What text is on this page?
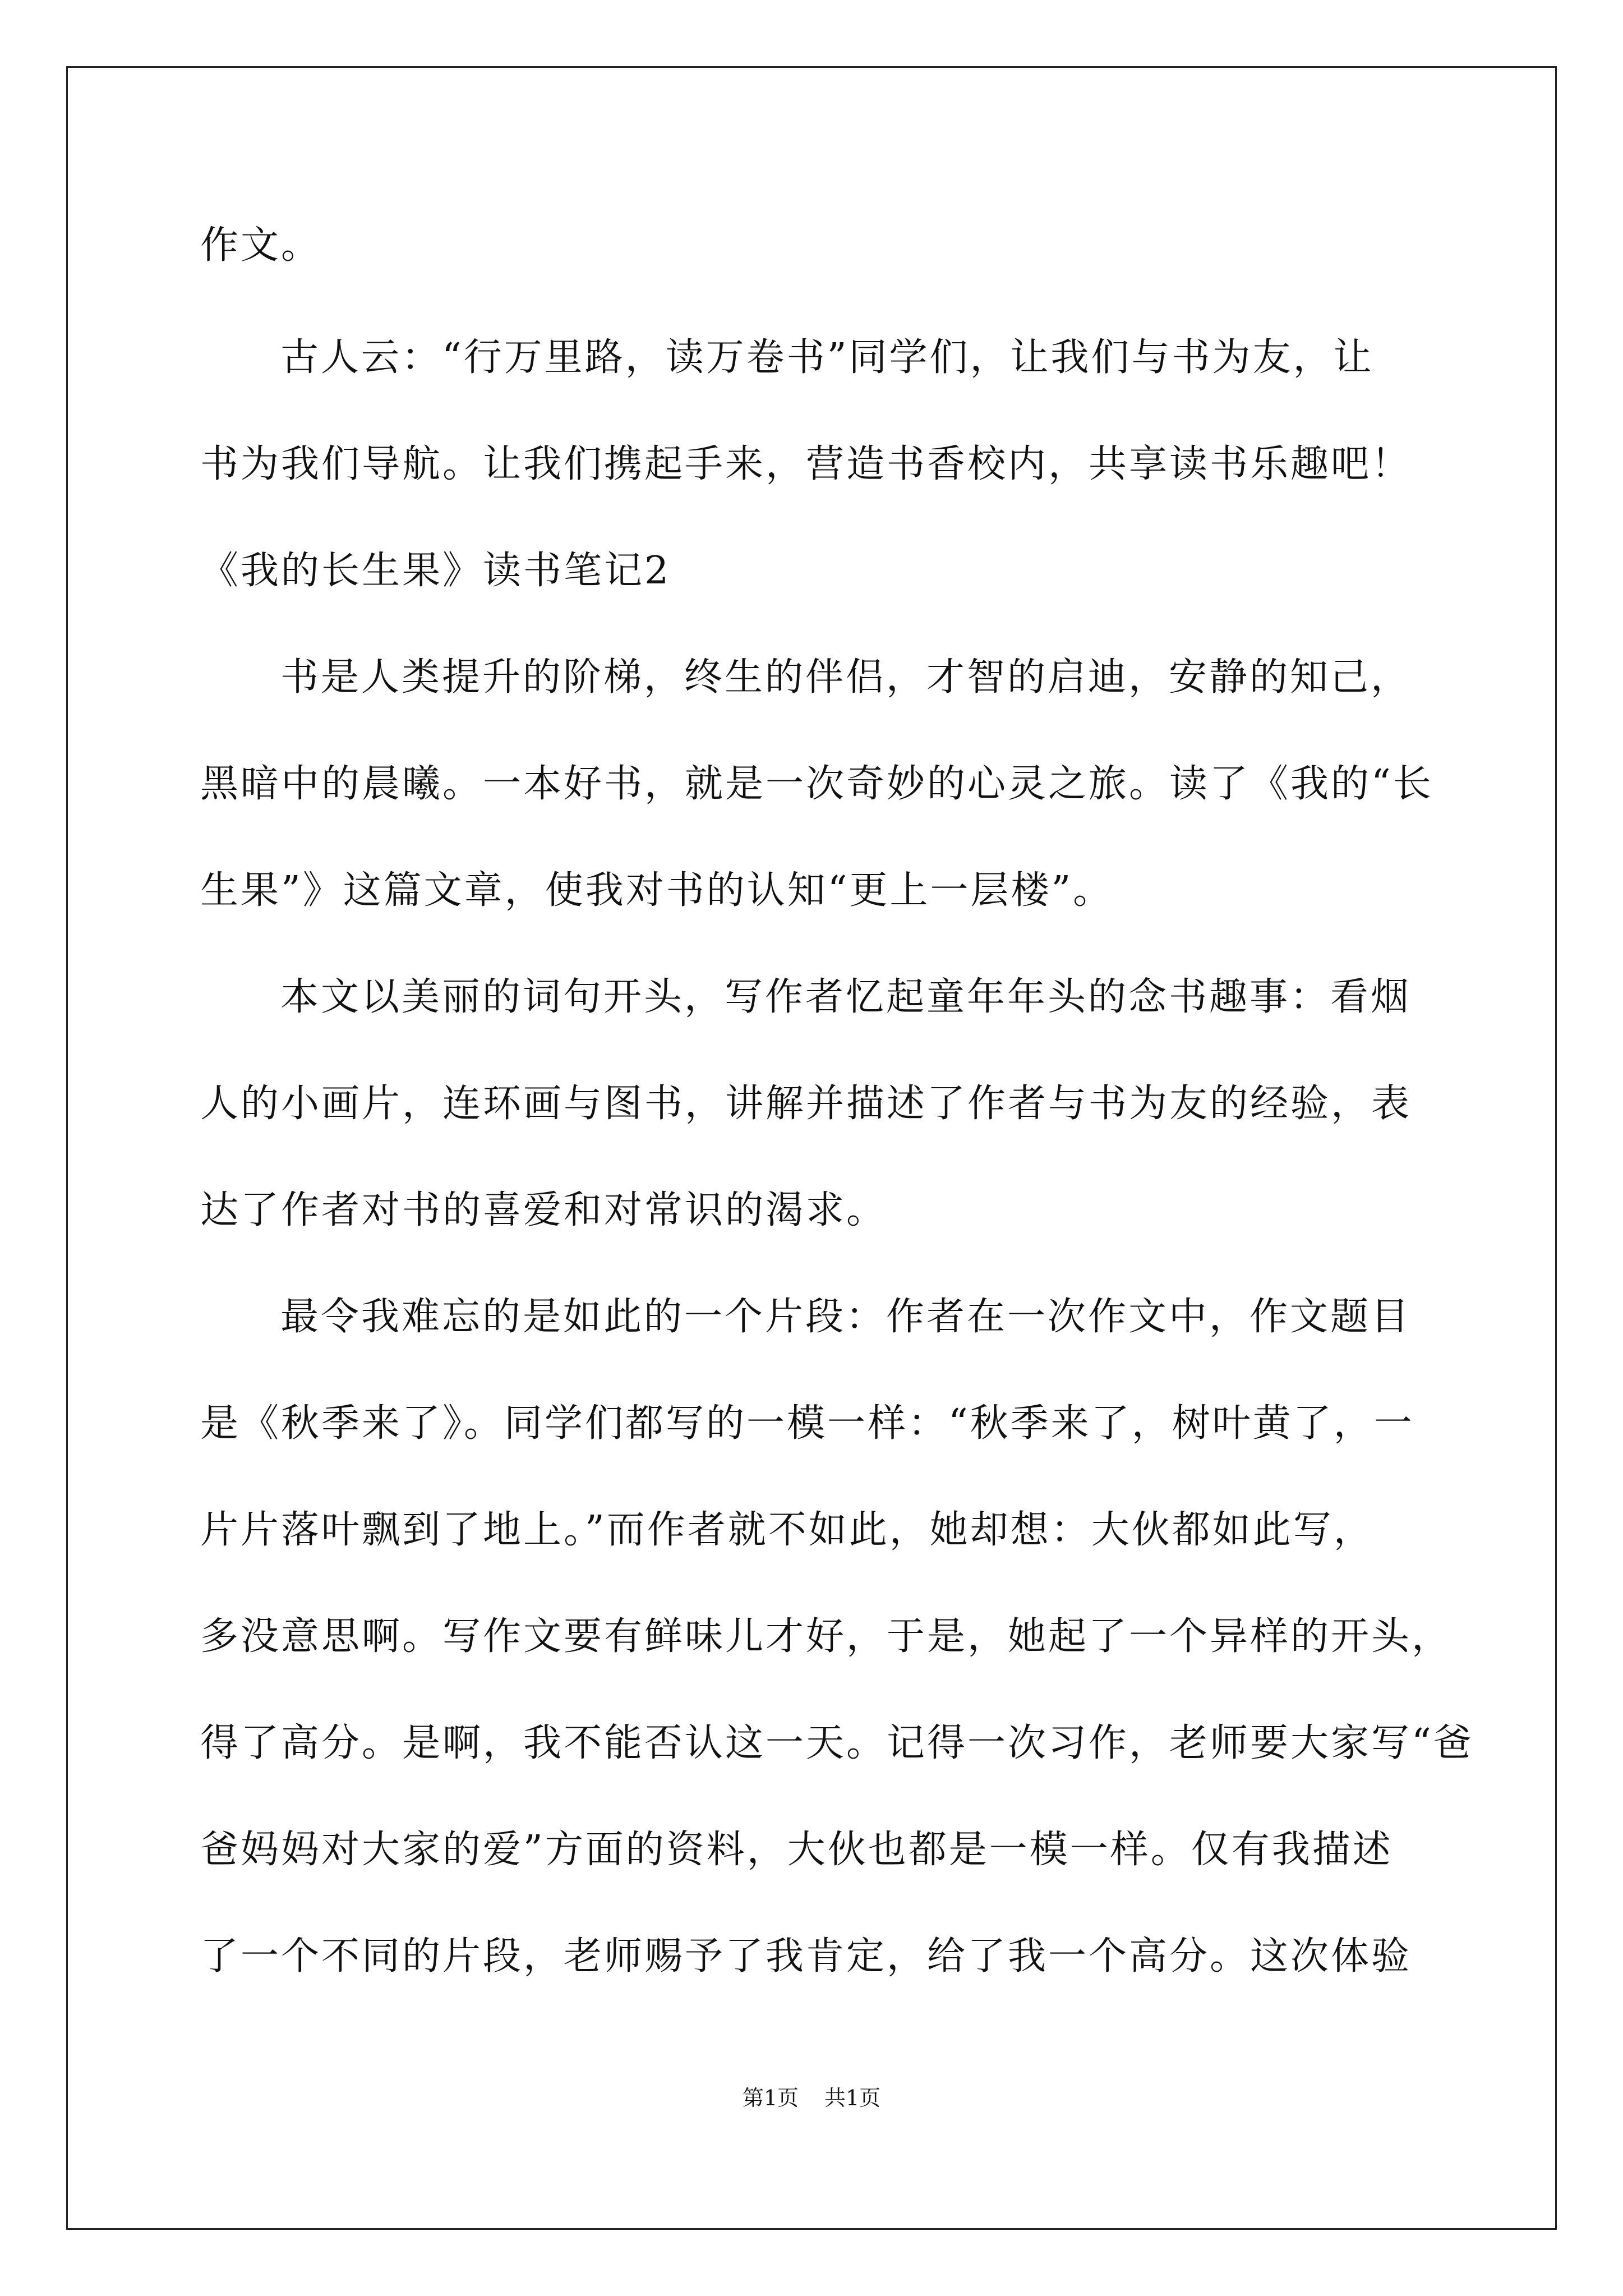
作文。

古人云：“行万里路，读万卷书”同学们，让我们与书为友，让

书为我们导航。让我们携起手来，营造书香校内，共享读书乐趣吧！

《我的长生果》读书笔记2

书是人类提升的阶梯，终生的伴侣，才智的启迪，安静的知己，

黑暗中的晨曦。一本好书，就是一次奇妙的心灵之旅。读了《我的“长

生果”》这篇文章，使我对书的认知“更上一层楼”。

本文以美丽的词句开头，写作者忆起童年年头的念书趣事：看烟

人的小画片，连环画与图书，讲解并描述了作者与书为友的经验，表

达了作者对书的喜爱和对常识的渴求。

最令我难忘的是如此的一个片段：作者在一次作文中，作文题目

是《秋季来了》。同学们都写的一模一样：“秋季来了，树叶黄了，一

片片落叶飘到了地上。”而作者就不如此，她却想：大伙都如此写，

多没意思啊。写作文要有鲜味儿才好，于是，她起了一个异样的开头，

得了高分。是啊，我不能否认这一天。记得一次习作，老师要大家写“爸

爸妈妈对大家的爱”方面的资料，大伙也都是一模一样。仅有我描述

了一个不同的片段，老师赐予了我肯定，给了我一个高分。这次体验

第1页 共1页
